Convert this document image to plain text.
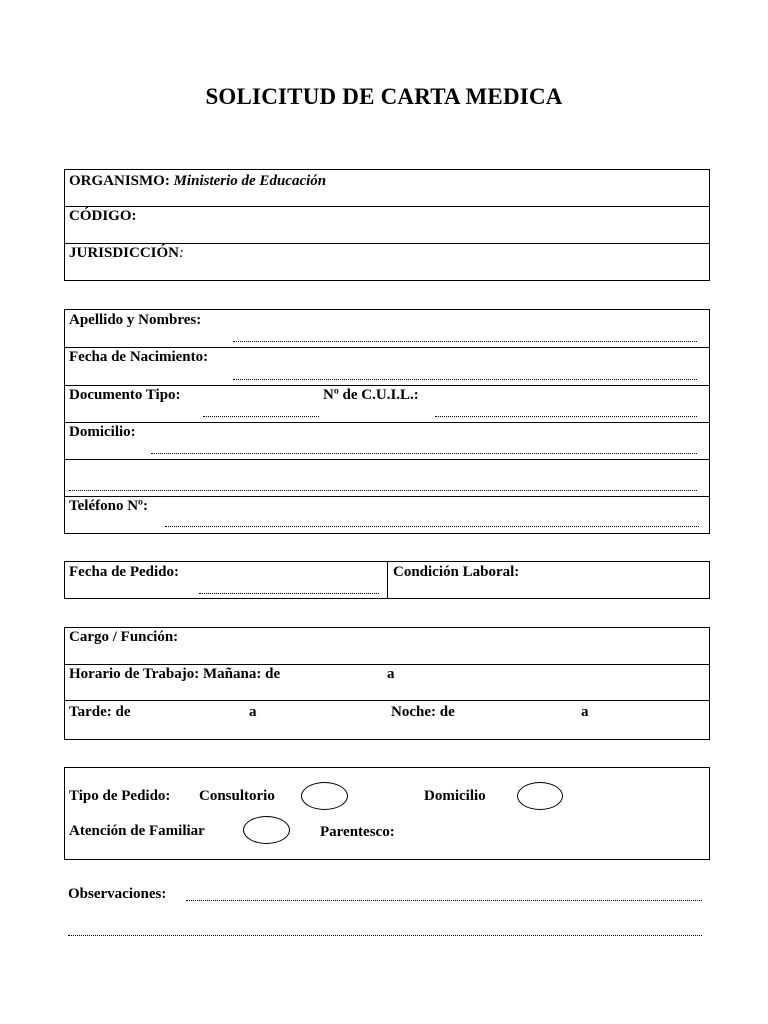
SOLICITUD DE CARTA MEDICA
ORGANISMO: Ministerio de Educación
CÓDIGO:
JURISDICCIÓN:
Apellido y Nombres:
Fecha de Nacimiento:
Documento Tipo:	Nº de C.U.I.L.:
Domicilio:
Teléfono Nº:
Fecha de Pedido:	Condición Laboral:
Cargo / Función:
Horario de Trabajo: Mañana: de	a
Tarde: de	a	Noche: de	a
Tipo de Pedido: Consultorio	Domicilio
Atención de Familiar	Parentesco:
Observaciones:
